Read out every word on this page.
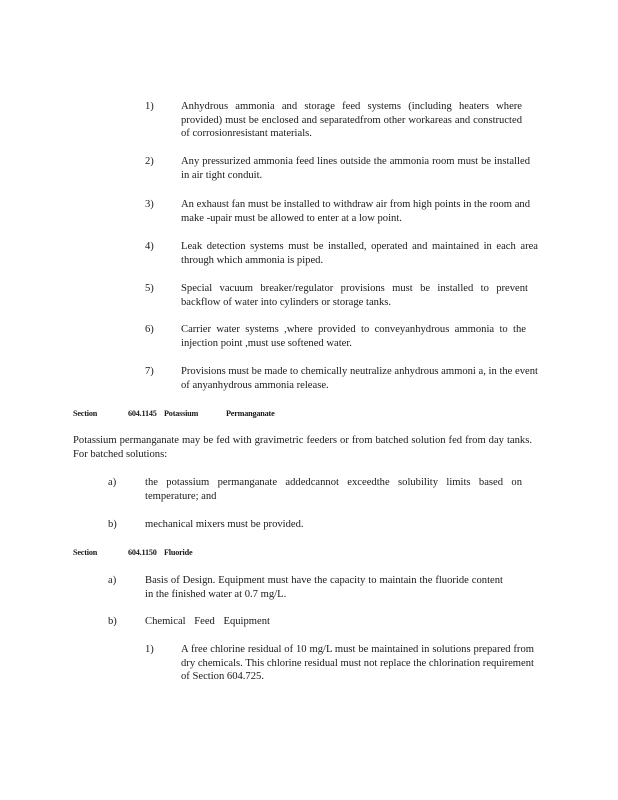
1)	Anhydrous ammonia and storage feed systems (including heaters where provided) must be enclosed and separatedfrom other workareas and constructed of corrosionresistant materials.

2)	Any pressurized ammonia feed lines outside the ammonia room must be installed in air tight conduit.

3)	An exhaust fan must be installed to withdraw air from high points in the room and make -upair must be allowed to enter at a low point.

4)	Leak detection systems must be installed, operated and maintained in each area through which ammonia is piped.

5)	Special vacuum breaker/regulator provisions must be installed to prevent backflow of water into cylinders or storage tanks.

6)	Carrier water systems ,where provided to conveyanhydrous ammonia to the injection point ,must use softened water.

7)	Provisions must be made to chemically neutralize anhydrous ammoni a, in the event of anyanhydrous ammonia release.

Section	604.1145 Potassium Permanganate

Potassium permanganate may be fed with gravimetric feeders or from batched solution fed from day tanks. For batched solutions:

a)	the potassium permanganate addedcannot exceedthe solubility limits based on temperature; and

b)	mechanical mixers must be provided.

Section	604.1150 Fluoride
a)	Basis of Design. Equipment must have the capacity to maintain the fluoride content in the finished water at 0.7 mg/L.

b)	Chemical Feed Equipment

1)	A free chlorine residual of 10 mg/L must be maintained in solutions prepared from dry chemicals. This chlorine residual must not replace the chlorination requirement of Section 604.725.
